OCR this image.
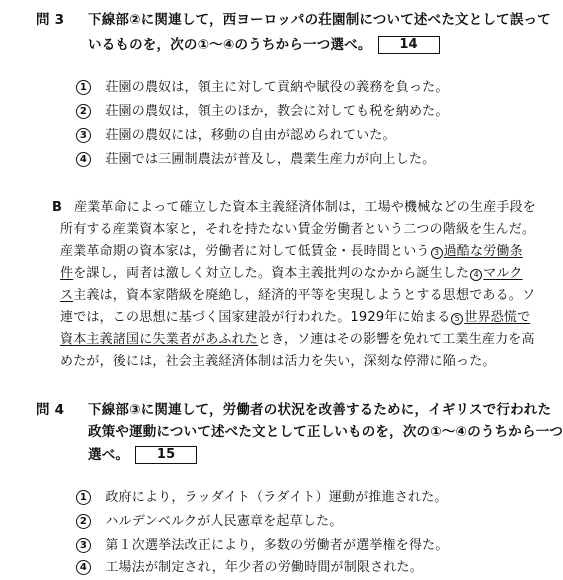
問 3 下線部②に関連して，西ヨーロッパの荘園制について述べた文として誤って
いるものを，次の①～④のうちから一つ選べ。 14
1 荘園の農奴は，領主に対して貢納や賦役の義務を負った。
2 荘園の農奴は，領主のほか，教会に対しても税を納めた。
3 荘園の農奴には，移動の自由が認められていた。
4 荘園では三圃制農法が普及し，農業生産力が向上した。
B 産業革命によって確立した資本主義経済体制は，工場や機械などの生産手段を
所有する産業資本家と，それを持たない賃金労働者という二つの階級を生んだ。
産業革命期の資本家は，労働者に対して低賃金・長時間という 3 過酷な労働条
件を課し，両者は激しく対立した。資本主義批判のなかから誕生した 4 マルク
ス主義は，資本家階級を廃絶し，経済的平等を実現しようとする思想である。ソ
連では，この思想に基づく国家建設が行われた。1929年に始まる 5 世界恐慌で
資本主義諸国に失業者があふれたとき，ソ連はその影響を免れて工業生産力を高
めたが，後には，社会主義経済体制は活力を失い，深刻な停滞に陥った。
問 4 下線部③に関連して，労働者の状況を改善するために，イギリスで行われた
政策や運動について述べた文として正しいものを，次の①～④のうちから一つ
選べ。 15
1 政府により，ラッダイト（ラダイト）運動が推進された。
2 ハルデンベルクが人民憲章を起草した。
3 第１次選挙法改正により，多数の労働者が選挙権を得た。
4 工場法が制定され，年少者の労働時間が制限された。
